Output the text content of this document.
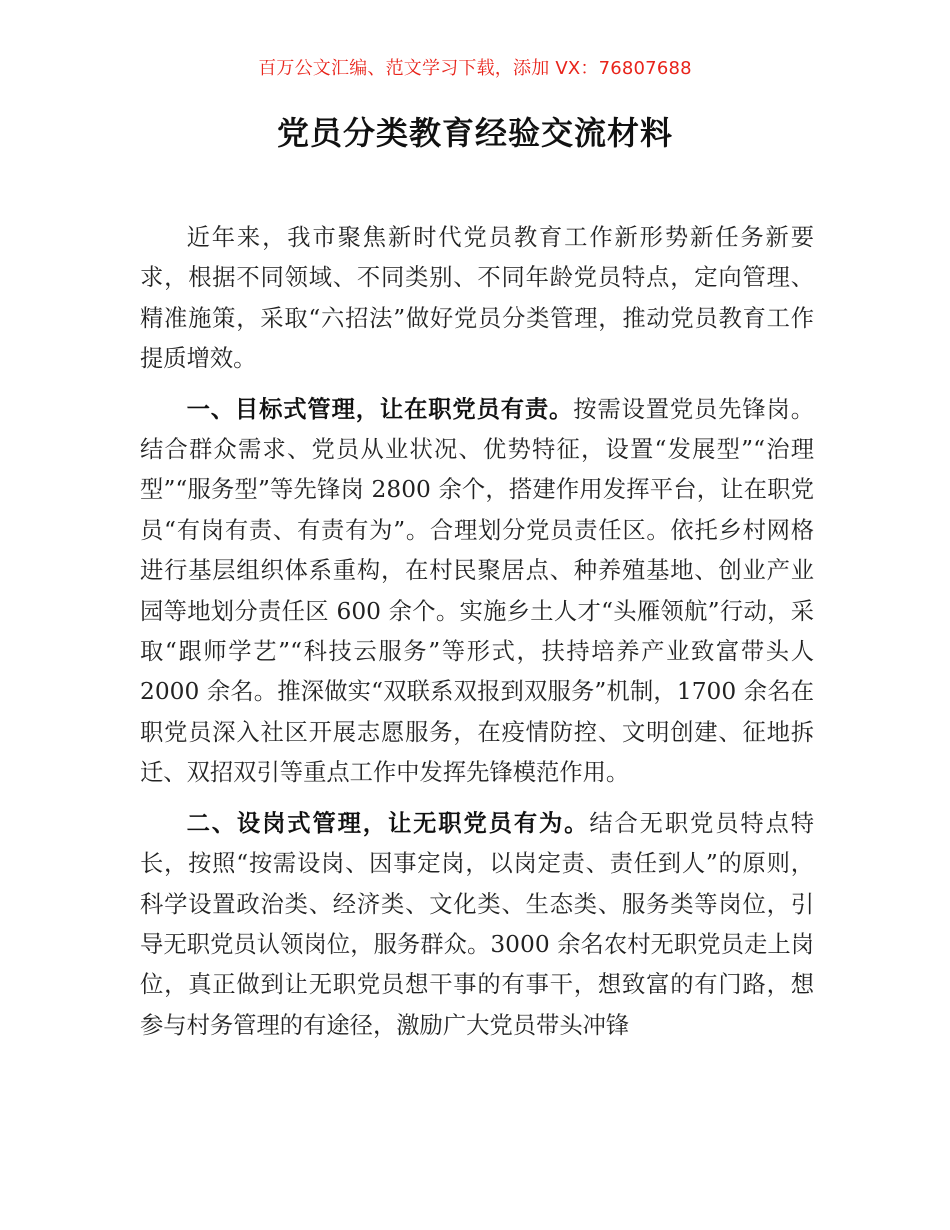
百万公文汇编、范文学习下载，添加 VX：76807688
党员分类教育经验交流材料

近年来，我市聚焦新时代党员教育工作新形势新任务新要求，根据不同领域、不同类别、不同年龄党员特点，定向管理、精准施策，采取“六招法”做好党员分类管理，推动党员教育工作提质增效。

一、目标式管理，让在职党员有责。按需设置党员先锋岗。结合群众需求、党员从业状况、优势特征，设置“发展型”“治理型”“服务型”等先锋岗 2800 余个，搭建作用发挥平台，让在职党员“有岗有责、有责有为”。合理划分党员责任区。依托乡村网格进行基层组织体系重构，在村民聚居点、种养殖基地、创业产业园等地划分责任区 600 余个。实施乡土人才“头雁领航”行动，采取“跟师学艺”“科技云服务”等形式，扶持培养产业致富带头人 2000 余名。推深做实“双联系双报到双服务”机制，1700 余名在职党员深入社区开展志愿服务，在疫情防控、文明创建、征地拆迁、双招双引等重点工作中发挥先锋模范作用。

二、设岗式管理，让无职党员有为。结合无职党员特点特长，按照“按需设岗、因事定岗，以岗定责、责任到人”的原则，科学设置政治类、经济类、文化类、生态类、服务类等岗位，引导无职党员认领岗位，服务群众。3000 余名农村无职党员走上岗位，真正做到让无职党员想干事的有事干，想致富的有门路，想参与村务管理的有途径，激励广大党员带头冲锋
